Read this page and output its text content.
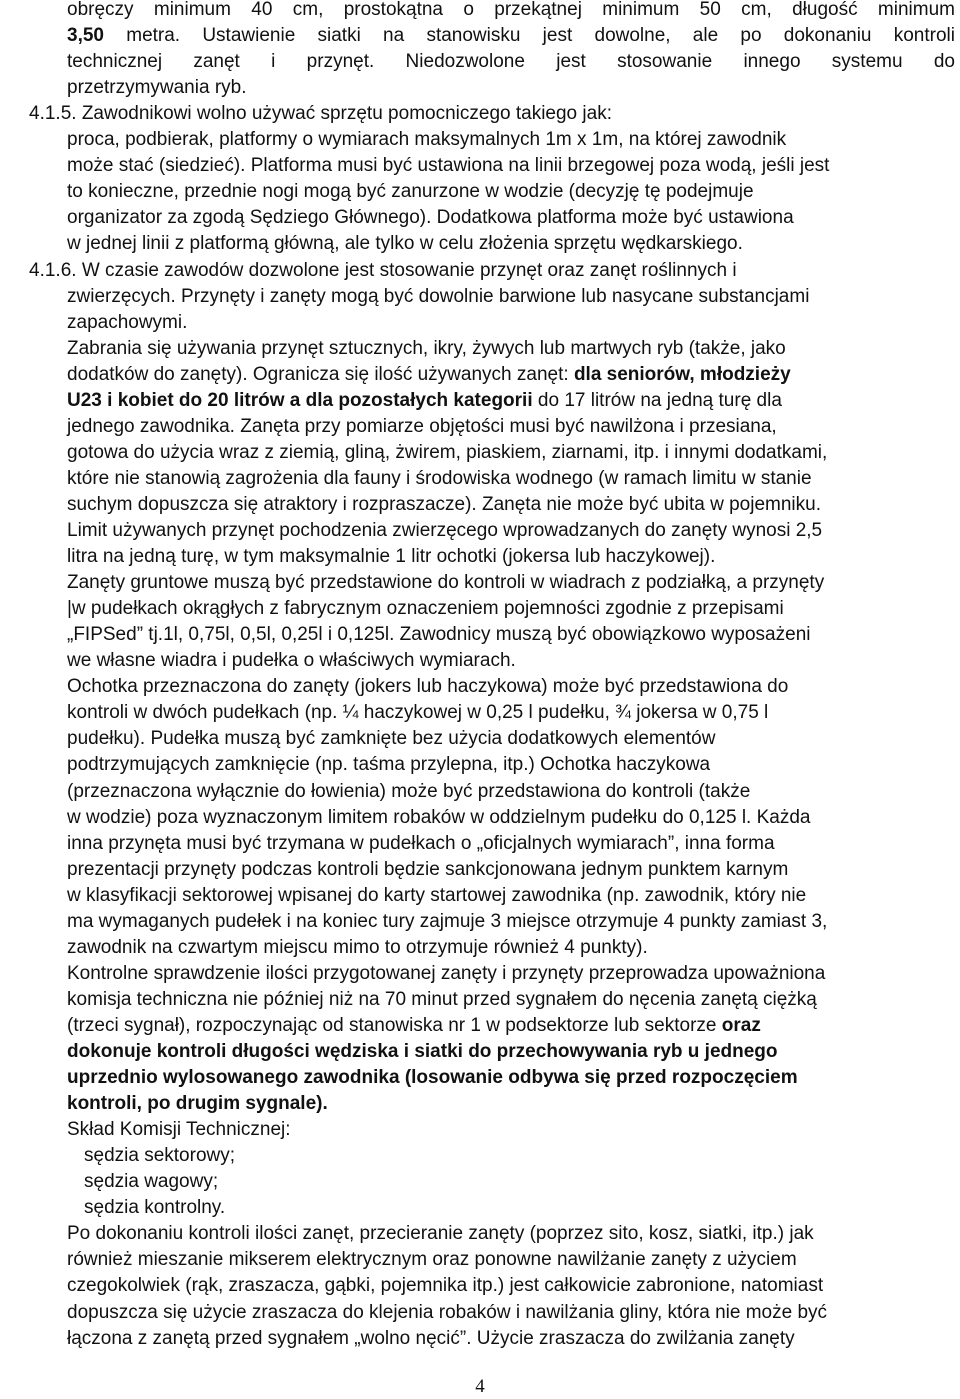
obręczy minimum 40 cm, prostokątna o przekątnej minimum 50 cm, długość minimum
3,50 metra. Ustawienie siatki na stanowisku jest dowolne, ale po dokonaniu kontroli
technicznej zanęt i przynęt. Niedozwolone jest stosowanie innego systemu do
przetrzymywania ryb.
4.1.5. Zawodnikowi wolno używać sprzętu pomocniczego takiego jak:
proca, podbierak, platformy o wymiarach maksymalnych 1m x 1m, na której zawodnik
może stać (siedzieć). Platforma musi być ustawiona na linii brzegowej poza wodą, jeśli jest
to konieczne, przednie nogi mogą być zanurzone w wodzie (decyzję tę podejmuje
organizator za zgodą Sędziego Głównego). Dodatkowa platforma może być ustawiona
w jednej linii z platformą główną, ale tylko w celu złożenia sprzętu wędkarskiego.
4.1.6. W czasie zawodów dozwolone jest stosowanie przynęt oraz zanęt roślinnych i
zwierzęcych. Przynęty i zanęty mogą być dowolnie barwione lub nasycane substancjami
zapachowymi.
Zabrania się używania przynęt sztucznych, ikry, żywych lub martwych ryb (także, jako
dodatków do zanęty). Ogranicza się ilość używanych zanęt: dla seniorów, młodzieży
U23 i kobiet do 20 litrów a dla pozostałych kategorii do 17 litrów na jedną turę dla
jednego zawodnika. Zanęta przy pomiarze objętości musi być nawilżona i przesiana,
gotowa do użycia wraz z ziemią, gliną, żwirem, piaskiem, ziarnami, itp. i innymi dodatkami,
które nie stanowią zagrożenia dla fauny i środowiska wodnego (w ramach limitu w stanie
suchym dopuszcza się atraktory i rozpraszacze). Zanęta nie może być ubita w pojemniku.
Limit używanych przynęt pochodzenia zwierzęcego wprowadzanych do zanęty wynosi 2,5
litra na jedną turę, w tym maksymalnie 1 litr ochotki (jokersa lub haczykowej).
Zanęty gruntowe muszą być przedstawione do kontroli w wiadrach z podziałką, a przynęty
|w pudełkach okrągłych z fabrycznym oznaczeniem pojemności zgodnie z przepisami
„FIPSed” tj.1l, 0,75l, 0,5l, 0,25l i 0,125l. Zawodnicy muszą być obowiązkowo wyposażeni
we własne wiadra i pudełka o właściwych wymiarach.
Ochotka przeznaczona do zanęty (jokers lub haczykowa) może być przedstawiona do
kontroli w dwóch pudełkach (np. ¼ haczykowej w 0,25 l pudełku, ¾ jokersa w 0,75 l
pudełku). Pudełka muszą być zamknięte bez użycia dodatkowych elementów
podtrzymujących zamknięcie (np. taśma przylepna, itp.) Ochotka haczykowa
(przeznaczona wyłącznie do łowienia) może być przedstawiona do kontroli (także
w wodzie) poza wyznaczonym limitem robaków w oddzielnym pudełku do 0,125 l. Każda
inna przynęta musi być trzymana w pudełkach o „oficjalnych wymiarach”, inna forma
prezentacji przynęty podczas kontroli będzie sankcjonowana jednym punktem karnym
w klasyfikacji sektorowej wpisanej do karty startowej zawodnika (np. zawodnik, który nie
ma wymaganych pudełek i na koniec tury zajmuje 3 miejsce otrzymuje 4 punkty zamiast 3,
zawodnik na czwartym miejscu mimo to otrzymuje również 4 punkty).
Kontrolne sprawdzenie ilości przygotowanej zanęty i przynęty przeprowadza upoważniona
komisja techniczna nie później niż na 70 minut przed sygnałem do nęcenia zanętą ciężką
(trzeci sygnał), rozpoczynając od stanowiska nr 1 w podsektorze lub sektorze oraz
dokonuje kontroli długości wędziska i siatki do przechowywania ryb u jednego
uprzednio wylosowanego zawodnika (losowanie odbywa się przed rozpoczęciem
kontroli, po drugim sygnale).
Skład Komisji Technicznej:
sędzia sektorowy;
sędzia wagowy;
sędzia kontrolny.
Po dokonaniu kontroli ilości zanęt, przecieranie zanęty (poprzez sito, kosz, siatki, itp.) jak
również mieszanie mikserem elektrycznym oraz ponowne nawilżanie zanęty z użyciem
czegokolwiek (rąk, zraszacza, gąbki, pojemnika itp.) jest całkowicie zabronione, natomiast
dopuszcza się użycie zraszacza do klejenia robaków i nawilżania gliny, która nie może być
łączona z zanętą przed sygnałem „wolno nęcić”. Użycie zraszacza do zwilżania zanęty
4
